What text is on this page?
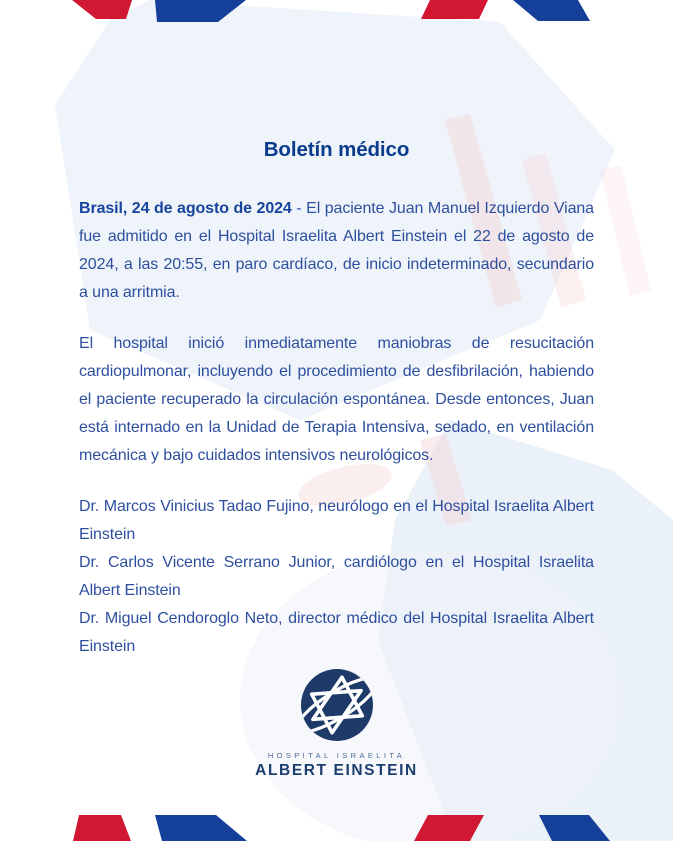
Boletín médico

Brasil, 24 de agosto de 2024 - El paciente Juan Manuel Izquierdo Viana fue admitido en el Hospital Israelita Albert Einstein el 22 de agosto de 2024, a las 20:55, en paro cardíaco, de inicio indeterminado, secundario a una arritmia.

El hospital inició inmediatamente maniobras de resucitación cardiopulmonar, incluyendo el procedimiento de desfibrilación, habiendo el paciente recuperado la circulación espontánea. Desde entonces, Juan está internado en la Unidad de Terapia Intensiva, sedado, en ventilación mecánica y bajo cuidados intensivos neurológicos.

Dr. Marcos Vinicius Tadao Fujino, neurólogo en el Hospital Israelita Albert Einstein

Dr. Carlos Vicente Serrano Junior, cardiólogo en el Hospital Israelita Albert Einstein

Dr. Miguel Cendoroglo Neto, director médico del Hospital Israelita Albert Einstein

HOSPITAL ISRAELITA
ALBERT EINSTEIN
